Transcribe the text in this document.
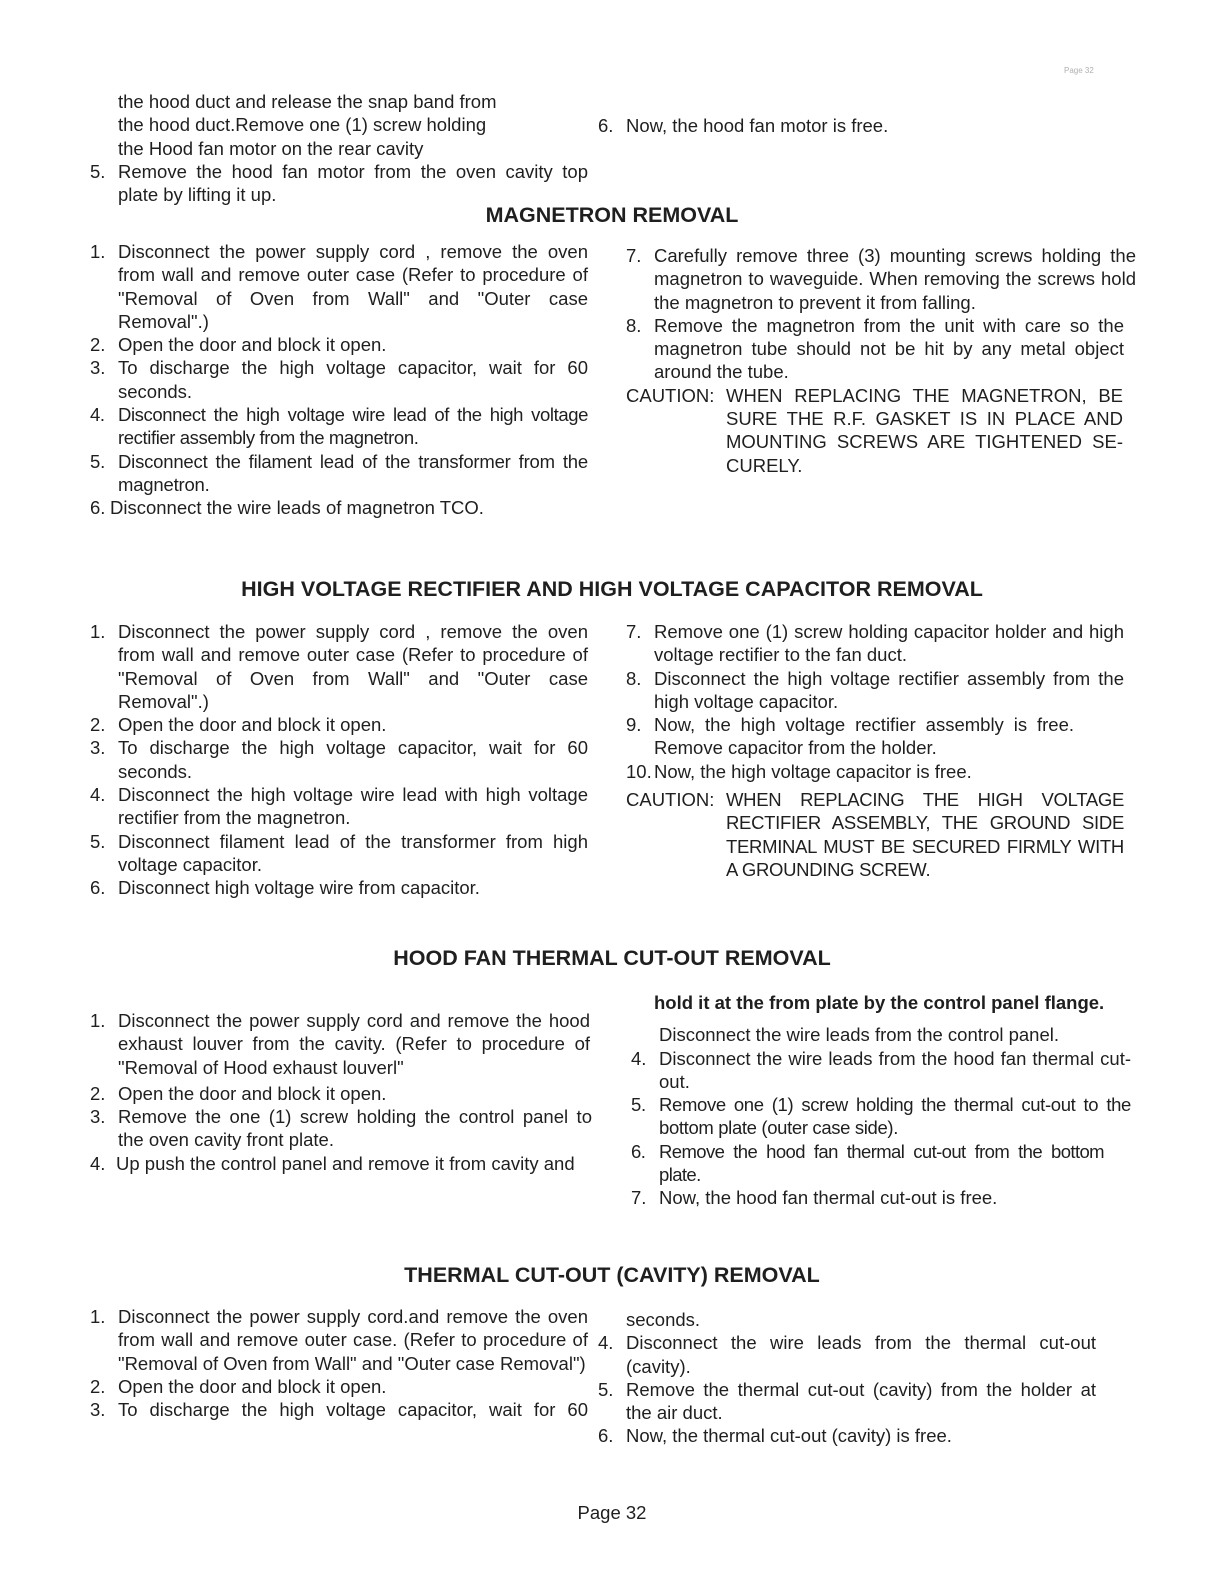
Page 32
the hood duct and release the snap band from the hood duct.Remove one (1) screw holding the Hood fan motor on the rear cavity
5. Remove the hood fan motor from the oven cavity top plate by lifting it up.
6. Now, the hood fan motor is free.
MAGNETRON REMOVAL
1. Disconnect the power supply cord , remove the oven from wall and remove outer case (Refer to procedure of "Removal of Oven from Wall" and "Outer case Removal".)
2. Open the door and block it open.
3. To discharge the high voltage capacitor, wait for 60 seconds.
4. Disconnect the high voltage wire lead of the high voltage rectifier assembly from the magnetron.
5. Disconnect the filament lead of the transformer from the magnetron.
6. Disconnect the wire leads of magnetron TCO.
7. Carefully remove three (3) mounting screws holding the magnetron to waveguide. When removing the screws hold the magnetron to prevent it from falling.
8. Remove the magnetron from the unit with care so the magnetron tube should not be hit by any metal object around the tube.
CAUTION: WHEN REPLACING THE MAGNETRON, BE SURE THE R.F. GASKET IS IN PLACE AND MOUNTING SCREWS ARE TIGHTENED SE-CURELY.
HIGH VOLTAGE RECTIFIER AND HIGH VOLTAGE CAPACITOR REMOVAL
1. Disconnect the power supply cord , remove the oven from wall and remove outer case (Refer to procedure of "Removal of Oven from Wall" and "Outer case Removal".)
2. Open the door and block it open.
3. To discharge the high voltage capacitor, wait for 60 seconds.
4. Disconnect the high voltage wire lead with high voltage rectifier from the magnetron.
5. Disconnect filament lead of the transformer from high voltage capacitor.
6. Disconnect high voltage wire from capacitor.
7. Remove one (1) screw holding capacitor holder and high voltage rectifier to the fan duct.
8. Disconnect the high voltage rectifier assembly from the high voltage capacitor.
9. Now, the high voltage rectifier assembly is free. Remove capacitor from the holder.
10. Now, the high voltage capacitor is free.
CAUTION: WHEN REPLACING THE HIGH VOLTAGE RECTIFIER ASSEMBLY, THE GROUND SIDE TERMINAL MUST BE SECURED FIRMLY WITH A GROUNDING SCREW.
HOOD FAN THERMAL CUT-OUT REMOVAL
1. Disconnect the power supply cord and remove the hood exhaust louver from the cavity. (Refer to procedure of "Removal of Hood exhaust louverl"
2. Open the door and block it open.
3. Remove the one (1) screw holding the control panel to the oven cavity front plate.
4. Up push the control panel and remove it from cavity and
hold it at the from plate by the control panel flange.
Disconnect the wire leads from the control panel.
4. Disconnect the wire leads from the hood fan thermal cut-out.
5. Remove one (1) screw holding the thermal cut-out to the bottom plate (outer case side).
6. Remove the hood fan thermal cut-out from the bottom plate.
7. Now, the hood fan thermal cut-out is free.
THERMAL CUT-OUT (CAVITY) REMOVAL
1. Disconnect the power supply cord.and remove the oven from wall and remove outer case. (Refer to procedure of "Removal of Oven from Wall" and "Outer case Removal")
2. Open the door and block it open.
3. To discharge the high voltage capacitor, wait for 60
seconds.
4. Disconnect the wire leads from the thermal cut-out (cavity).
5. Remove the thermal cut-out (cavity) from the holder at the air duct.
6. Now, the thermal cut-out (cavity) is free.
Page 32
